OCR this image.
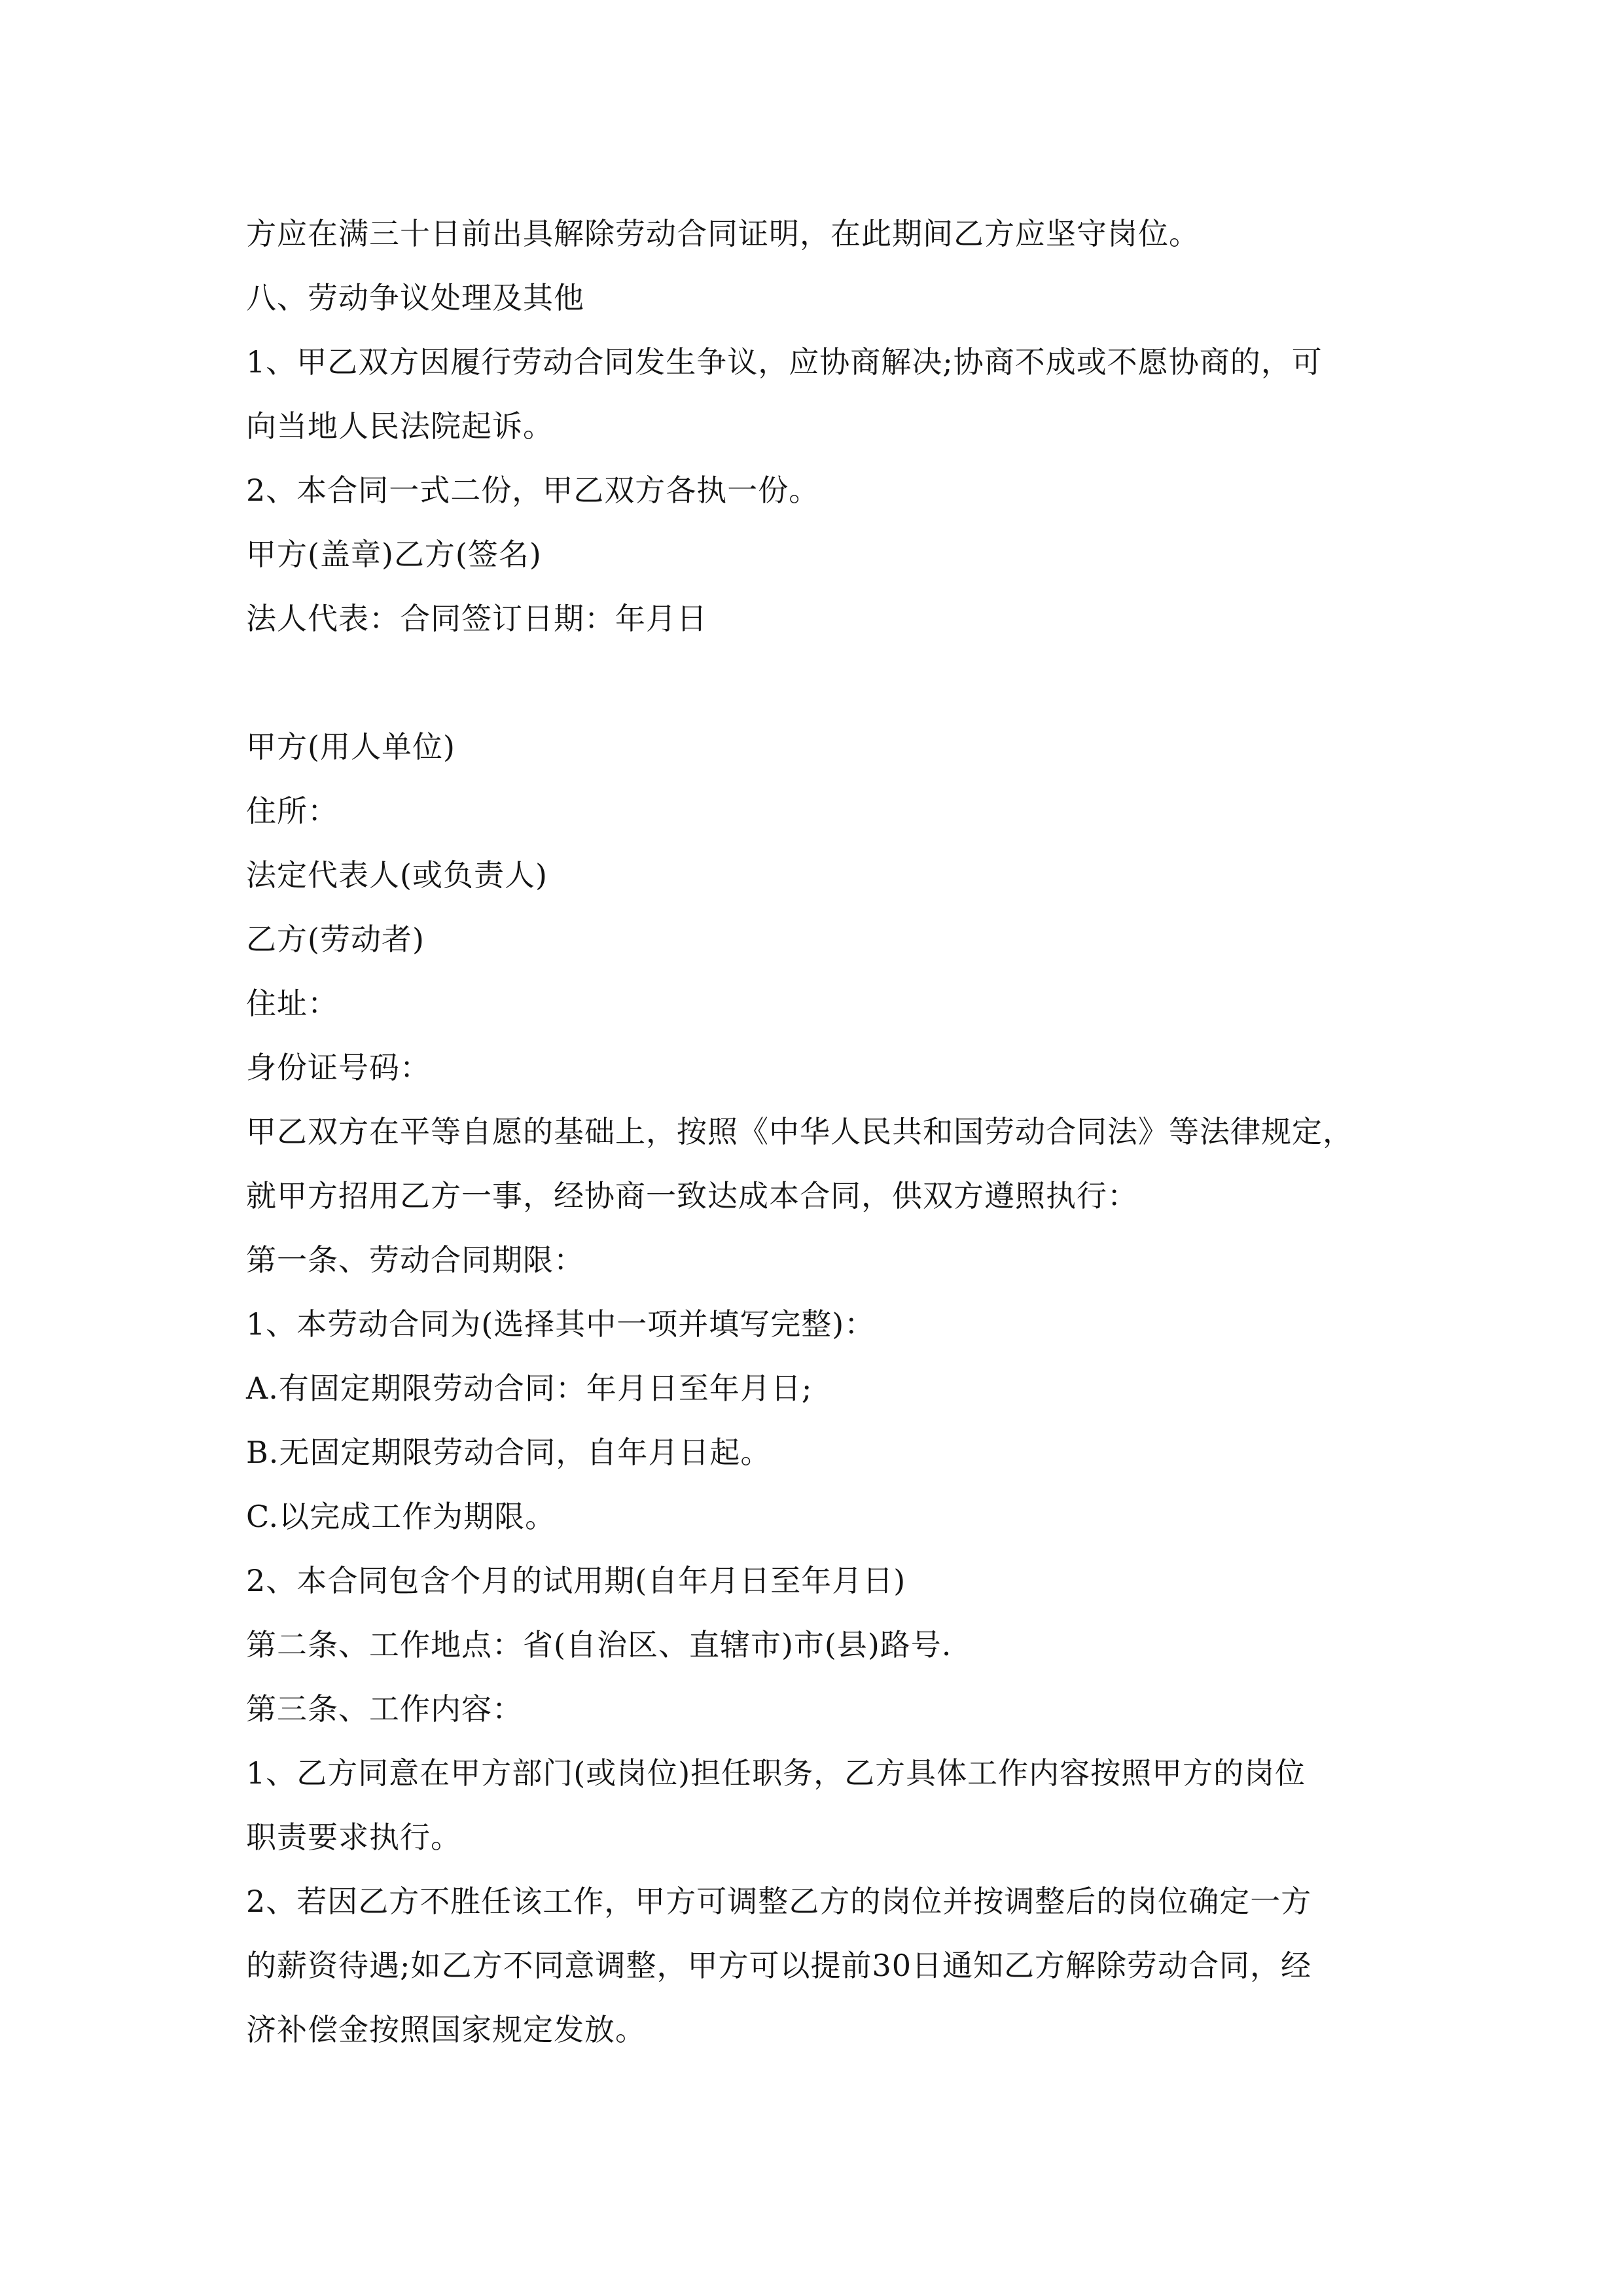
方应在满三十日前出具解除劳动合同证明，在此期间乙方应坚守岗位。
八、劳动争议处理及其他
1、甲乙双方因履行劳动合同发生争议，应协商解决;协商不成或不愿协商的，可
向当地人民法院起诉。
2、本合同一式二份，甲乙双方各执一份。
甲方(盖章)乙方(签名)
法人代表：合同签订日期：年月日
甲方(用人单位)
住所：
法定代表人(或负责人)
乙方(劳动者)
住址：
身份证号码：
甲乙双方在平等自愿的基础上，按照《中华人民共和国劳动合同法》等法律规定，
就甲方招用乙方一事，经协商一致达成本合同，供双方遵照执行：
第一条、劳动合同期限：
1、本劳动合同为(选择其中一项并填写完整)：
A.有固定期限劳动合同：年月日至年月日;
B.无固定期限劳动合同，自年月日起。
C.以完成工作为期限。
2、本合同包含个月的试用期(自年月日至年月日)
第二条、工作地点：省(自治区、直辖市)市(县)路号.
第三条、工作内容：
1、乙方同意在甲方部门(或岗位)担任职务，乙方具体工作内容按照甲方的岗位
职责要求执行。
2、若因乙方不胜任该工作，甲方可调整乙方的岗位并按调整后的岗位确定一方
的薪资待遇;如乙方不同意调整，甲方可以提前30日通知乙方解除劳动合同，经
济补偿金按照国家规定发放。
